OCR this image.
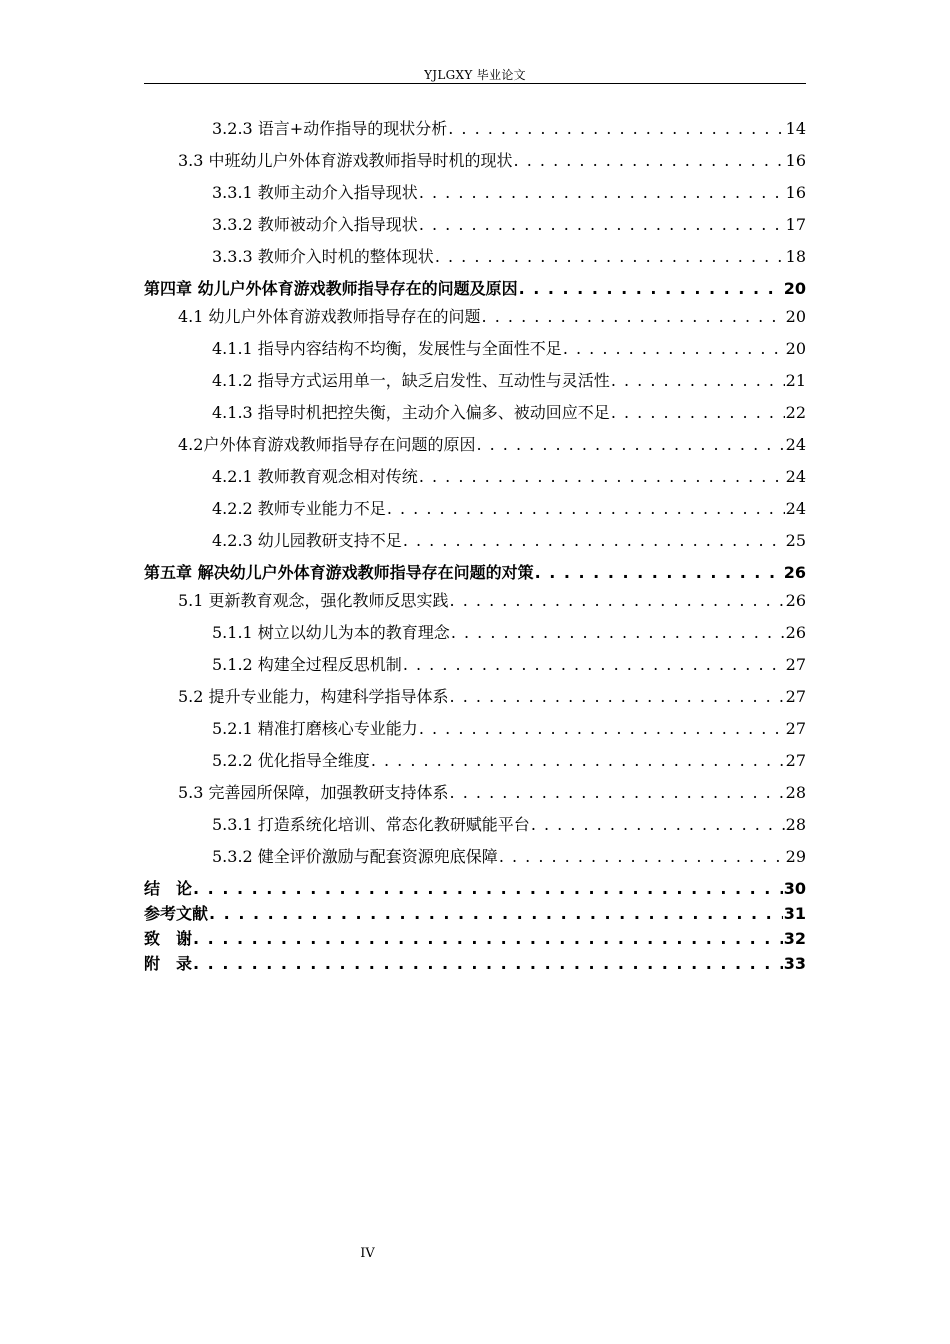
YJLGXY 毕业论文
3.2.3 语言+动作指导的现状分析 . . .	14
3.3 中班幼儿户外体育游戏教师指导时机的现状 . . .	16
3.3.1 教师主动介入指导现状 . . .	16
3.3.2 教师被动介入指导现状 . . .	17
3.3.3 教师介入时机的整体现状 . . .	18
第四章 幼儿户外体育游戏教师指导存在的问题及原因 . . .	20
4.1 幼儿户外体育游戏教师指导存在的问题 . . .	20
4.1.1 指导内容结构不均衡，发展性与全面性不足 . . .	20
4.1.2 指导方式运用单一，缺乏启发性、互动性与灵活性 . . .	21
4.1.3 指导时机把控失衡，主动介入偏多、被动回应不足 . . .	22
4.2户外体育游戏教师指导存在问题的原因 . . .	24
4.2.1 教师教育观念相对传统 . . .	24
4.2.2 教师专业能力不足 . . .	24
4.2.3 幼儿园教研支持不足 . . .	25
第五章 解决幼儿户外体育游戏教师指导存在问题的对策 . . .	26
5.1 更新教育观念，强化教师反思实践 . . .	26
5.1.1 树立以幼儿为本的教育理念 . . .	26
5.1.2 构建全过程反思机制 . . .	27
5.2 提升专业能力，构建科学指导体系 . . .	27
5.2.1 精准打磨核心专业能力 . . .	27
5.2.2 优化指导全维度 . . .	27
5.3 完善园所保障，加强教研支持体系 . . .	28
5.3.1 打造系统化培训、常态化教研赋能平台 . . .	28
5.3.2 健全评价激励与配套资源兜底保障 . . .	29
结　论 . . .	30
参考文献 . . .	31
致　谢 . . .	32
附　录 . . .	33
IV
